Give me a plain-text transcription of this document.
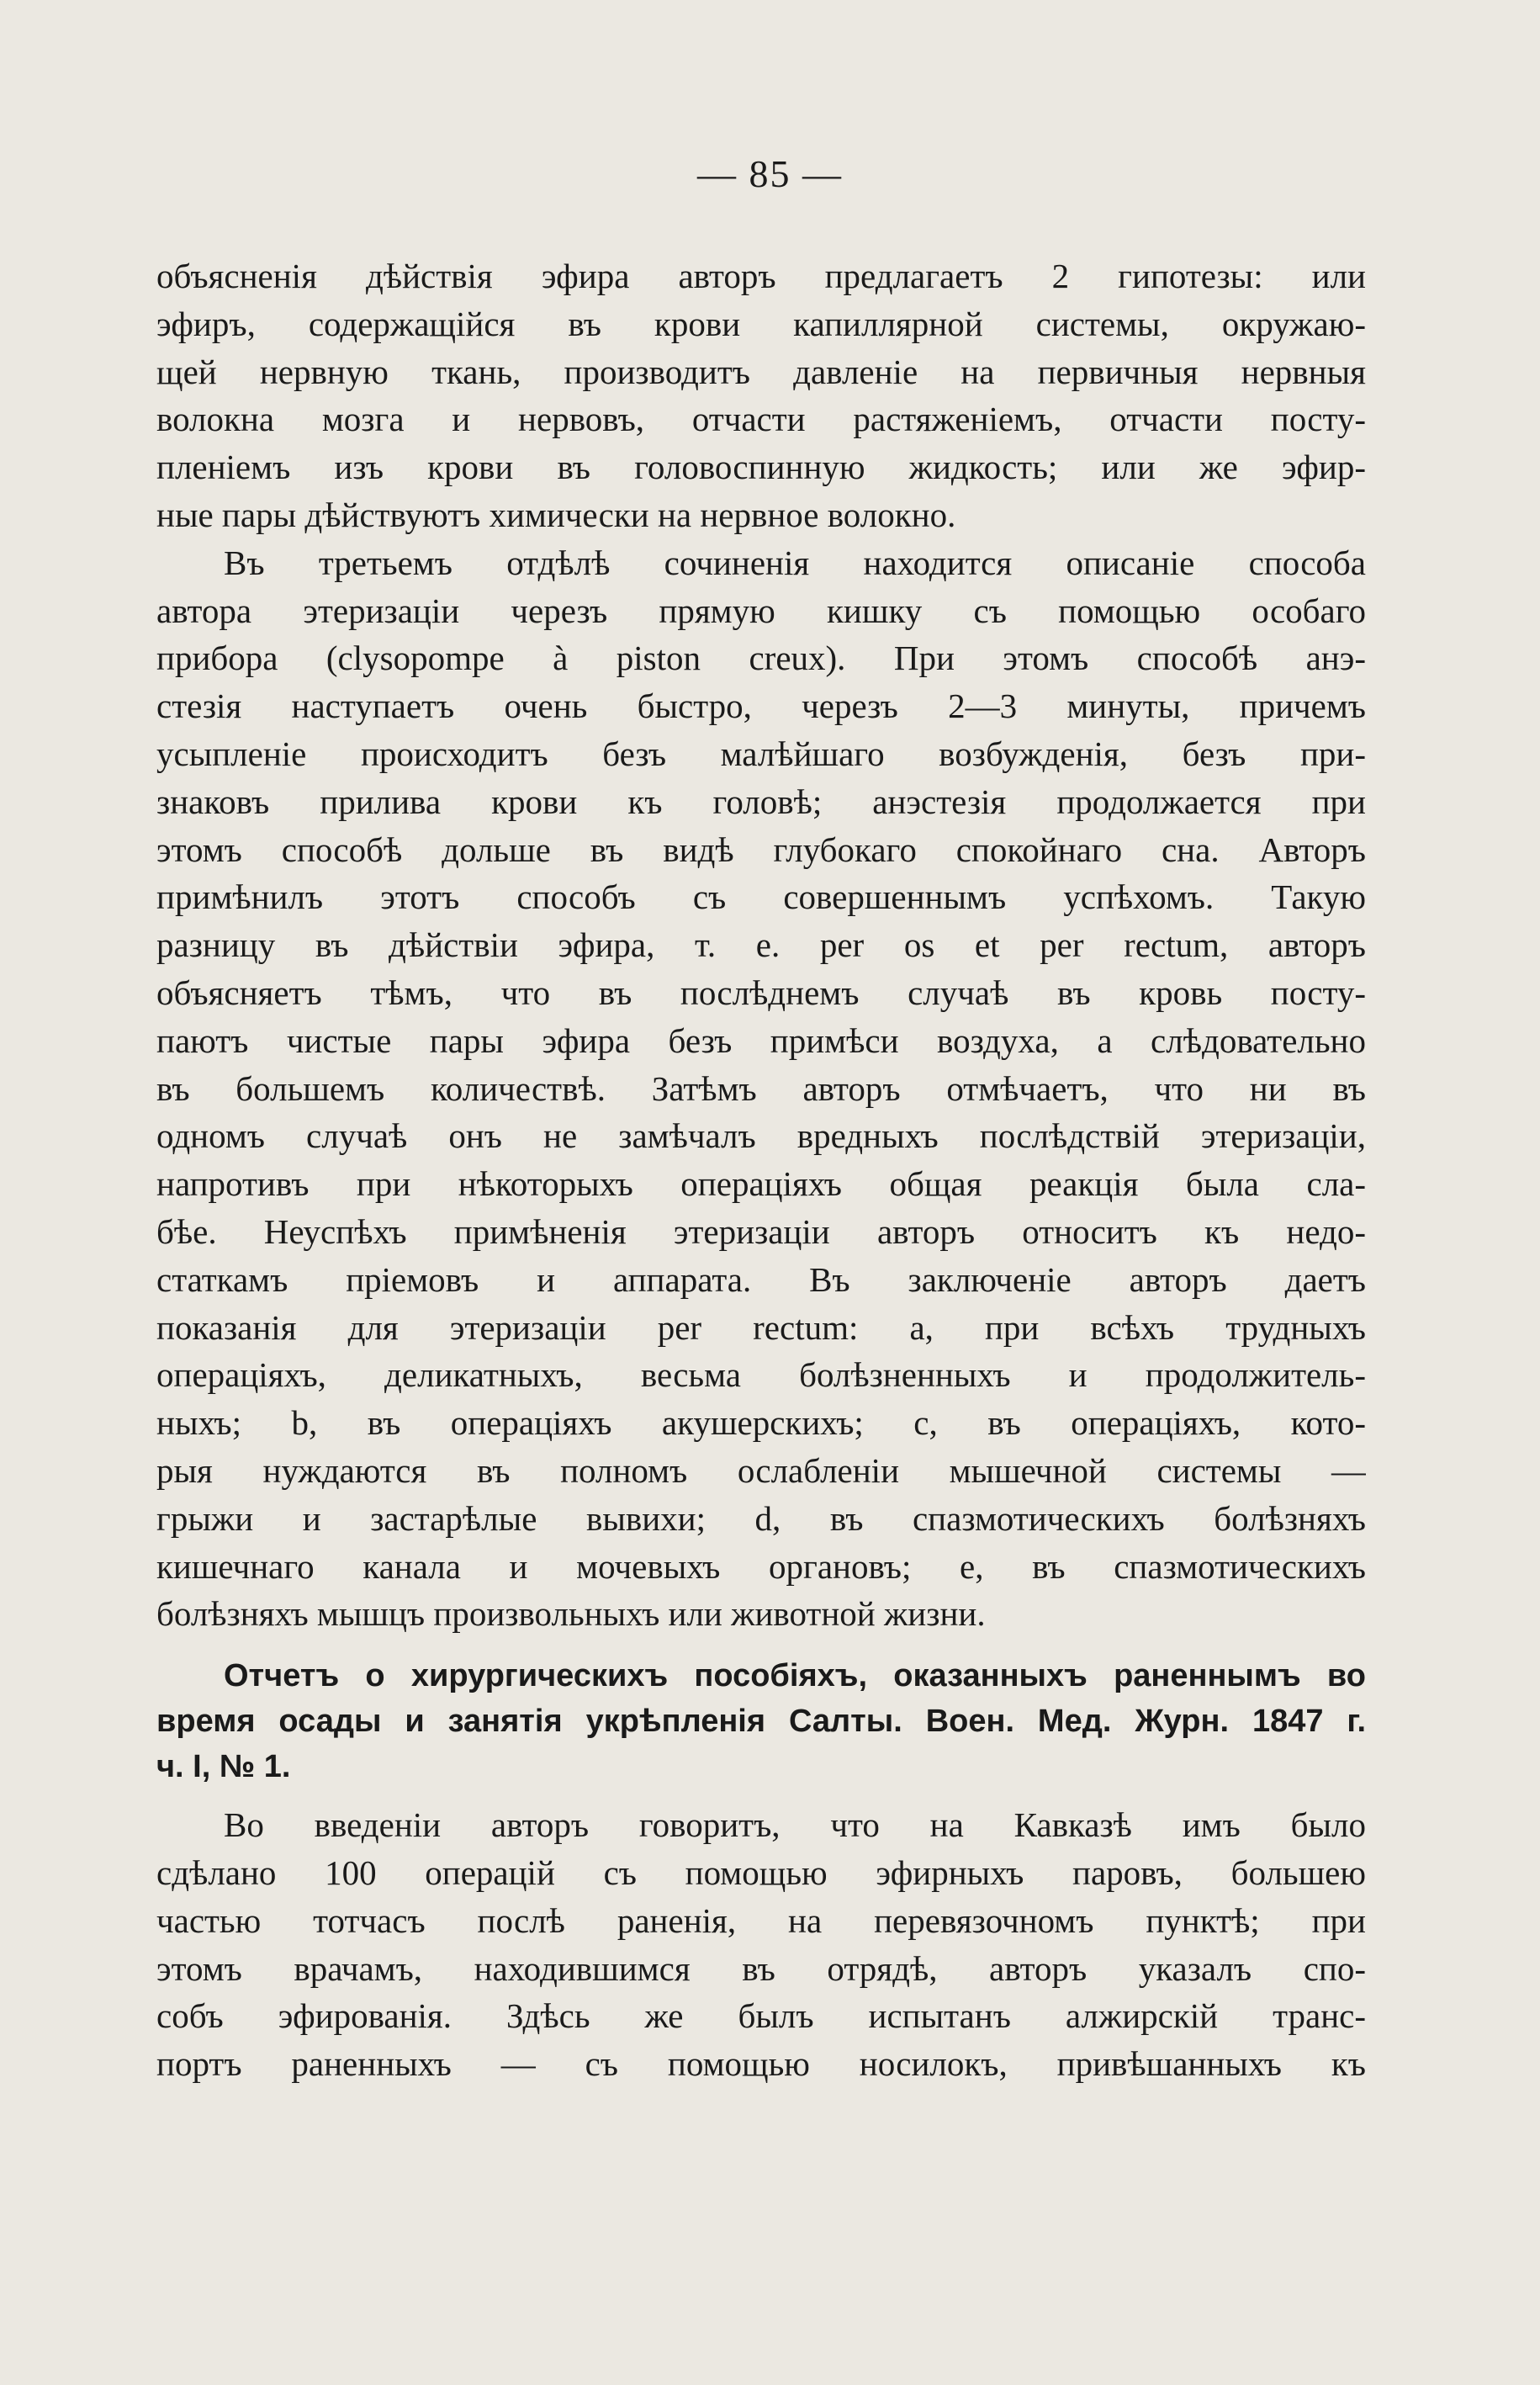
— 85 —
объясненія дѣйствія эфира авторъ предлагаетъ 2 гипотезы: или
эфиръ, содержащійся въ крови капиллярной системы, окружаю-
щей нервную ткань, производитъ давленіе на первичныя нервныя
волокна мозга и нервовъ, отчасти растяженіемъ, отчасти посту-
пленіемъ изъ крови въ головоспинную жидкость; или же эфир-
ные пары дѣйствуютъ химически на нервное волокно.
Въ третьемъ отдѣлѣ сочиненія находится описаніе способа
автора этеризаціи черезъ прямую кишку съ помощью особаго
прибора (clysopompe à piston creux). При этомъ способѣ анэ-
стезія наступаетъ очень быстро, черезъ 2—3 минуты, причемъ
усыпленіе происходитъ безъ малѣйшаго возбужденія, безъ при-
знаковъ прилива крови къ головѣ; анэстезія продолжается при
этомъ способѣ дольше въ видѣ глубокаго спокойнаго сна. Авторъ
примѣнилъ этотъ способъ съ совершеннымъ успѣхомъ. Такую
разницу въ дѣйствіи эфира, т. е. per os et per rectum, авторъ
объясняетъ тѣмъ, что въ послѣднемъ случаѣ въ кровь посту-
паютъ чистые пары эфира безъ примѣси воздуха, а слѣдовательно
въ большемъ количествѣ. Затѣмъ авторъ отмѣчаетъ, что ни въ
одномъ случаѣ онъ не замѣчалъ вредныхъ послѣдствій этеризаціи,
напротивъ при нѣкоторыхъ операціяхъ общая реакція была сла-
бѣе. Неуспѣхъ примѣненія этеризаціи авторъ относитъ къ недо-
статкамъ пріемовъ и аппарата. Въ заключеніе авторъ даетъ
показанія для этеризаціи per rectum: a, при всѣхъ трудныхъ
операціяхъ, деликатныхъ, весьма болѣзненныхъ и продолжитель-
ныхъ; b, въ операціяхъ акушерскихъ; c, въ операціяхъ, кото-
рыя нуждаются въ полномъ ослабленіи мышечной системы —
грыжи и застарѣлые вывихи; d, въ спазмотическихъ болѣзняхъ
кишечнаго канала и мочевыхъ органовъ; e, въ спазмотическихъ
болѣзняхъ мышцъ произвольныхъ или животной жизни.
Отчетъ о хирургическихъ пособіяхъ, оказанныхъ раненнымъ во
время осады и занятія укрѣпленія Салты. Воен. Мед. Журн. 1847 г.
ч. I, № 1.
Во введеніи авторъ говоритъ, что на Кавказѣ имъ было
сдѣлано 100 операцій съ помощью эфирныхъ паровъ, большею
частью тотчасъ послѣ раненія, на перевязочномъ пунктѣ; при
этомъ врачамъ, находившимся въ отрядѣ, авторъ указалъ спо-
собъ эфированія. Здѣсь же былъ испытанъ алжирскій транс-
портъ раненныхъ — съ помощью носилокъ, привѣшанныхъ къ
